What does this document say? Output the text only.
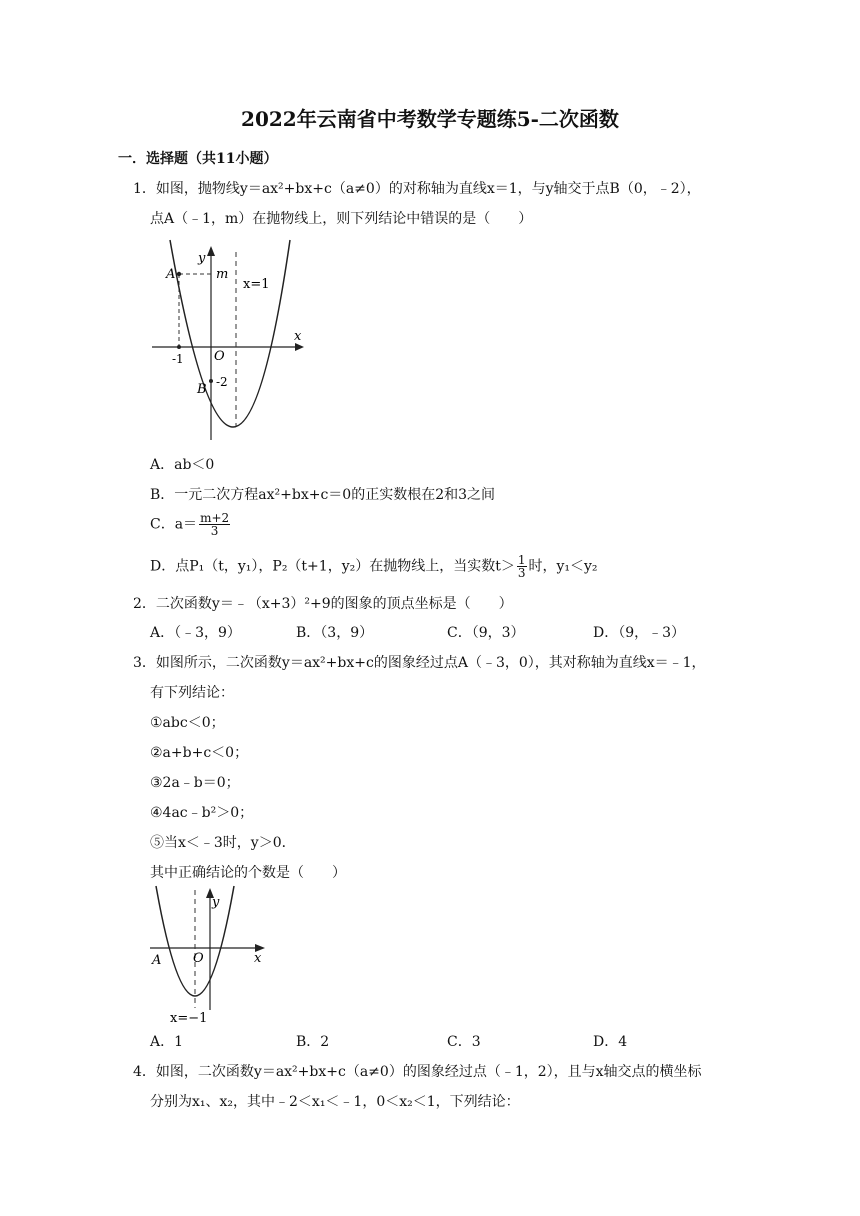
2022年云南省中考数学专题练5-二次函数
一．选择题（共11小题）
1．如图，抛物线y＝ax²+bx+c（a≠0）的对称轴为直线x＝1，与y轴交于点B（0，﹣2），
点A（﹣1，m）在抛物线上，则下列结论中错误的是（　　）
y
m
A
x=1
x
-1 O
B -2
A．ab＜0
B．一元二次方程ax²+bx+c＝0的正实数根在2和3之间
C．$a= \frac{m+2}{3}$
D．点P₁（t，y₁），P₂（t+1，y₂）在抛物线上，当实数$t> \frac{1}{3}$ 时，y₁＜y₂
2．二次函数y＝﹣（x+3）²+9的图象的顶点坐标是（　　）
A．（﹣3，9）	B．（3，9）	C．（9，3）	D．（9，﹣3）
3．如图所示，二次函数y＝ax²+bx+c的图象经过点A（﹣3，0），其对称轴为直线x＝﹣1，
有下列结论：
①abc＜0；
②a+b+c＜0；
③2a﹣b＝0；
④4ac﹣b²＞0；
⑤当x＜﹣3时，y＞0．
其中正确结论的个数是（　　）
y
A O	x
x=−1
A．1	B．2	C．3	D．4
4．如图，二次函数y＝ax²+bx+c（a≠0）的图象经过点（﹣1，2），且与x轴交点的横坐标
分别为x₁、x₂，其中﹣2＜x₁＜﹣1，0＜x₂＜1，下列结论：
